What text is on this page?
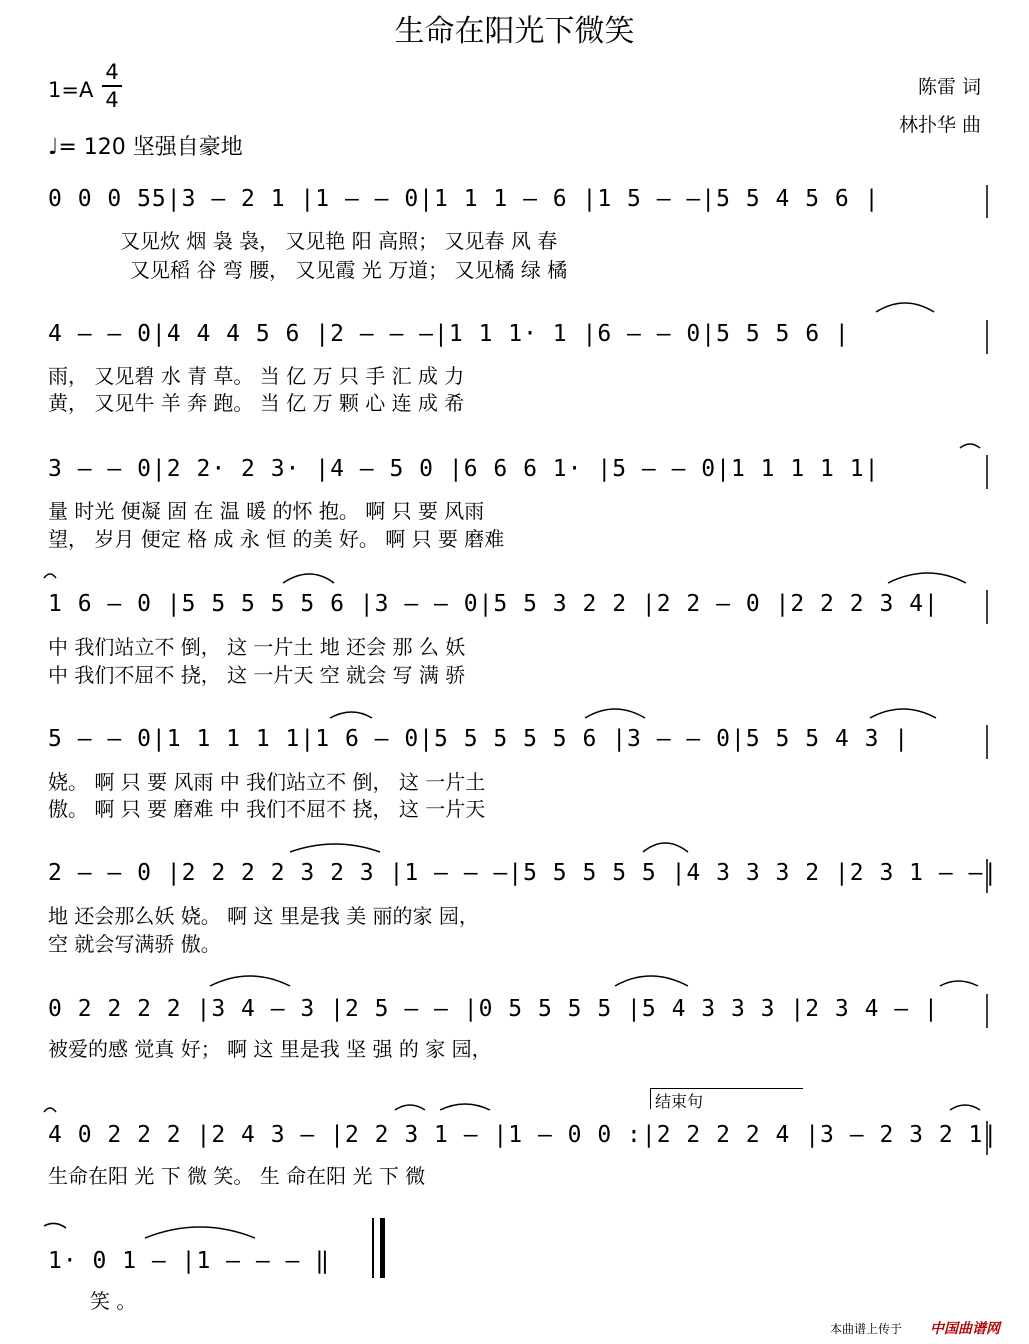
生命在阳光下微笑
1=A
4
4
♩= 120 坚强自豪地
陈雷 词
林扑华 曲
0 0 0 55|3 – 2 1 |1 – – 0|1 1 1 – 6 |1 5 – –|5 5 4 5 6 |
又见炊 烟 袅 袅， 又见艳 阳 高照； 又见春 风 春
又见稻 谷 弯 腰， 又见霞 光 万道； 又见橘 绿 橘
4 – – 0|4 4 4 5 6 |2 – – –|1 1 1· 1 |6 – – 0|5 5 5 6 |
雨， 又见碧 水 青 草。 当 亿 万 只 手 汇 成 力
黄， 又见牛 羊 奔 跑。 当 亿 万 颗 心 连 成 希
3 – – 0|2 2· 2 3· |4 – 5 0 |6 6 6 1· |5 – – 0|1 1 1 1 1|
量 时光 便凝 固 在 温 暖 的怀 抱。 啊 只 要 风雨
望， 岁月 便定 格 成 永 恒 的美 好。 啊 只 要 磨难
1 6 – 0 |5 5 5 5 5 6 |3 – – 0|5 5 3 2 2 |2 2 – 0 |2 2 2 3 4|
中 我们站立不 倒， 这 一片土 地 还会 那 么 妖
中 我们不屈不 挠， 这 一片天 空 就会 写 满 骄
5 – – 0|1 1 1 1 1|1 6 – 0|5 5 5 5 5 6 |3 – – 0|5 5 5 4 3 |
娆。 啊 只 要 风雨 中 我们站立不 倒， 这 一片土
傲。 啊 只 要 磨难 中 我们不屈不 挠， 这 一片天
2 – – 0 |2 2 2 2 3 2 3 |1 – – –|5 5 5 5 5 |4 3 3 3 2 |2 3 1 – –|
地 还会那么妖 娆。 啊 这 里是我 美 丽的家 园，
空 就会写满骄 傲。
0 2 2 2 2 |3 4 – 3 |2 5 – – |0 5 5 5 5 |5 4 3 3 3 |2 3 4 – |
被爱的感 觉真 好； 啊 这 里是我 坚 强 的 家 园，
结束句
4 0 2 2 2 |2 4 3 – |2 2 3 1 – |1 – 0 0 :|2 2 2 2 4 |3 – 2 3 2 1|
生命在阳 光 下 微 笑。 生 命在阳 光 下 微
1· 0 1 – |1 – – – ‖
笑 。
本曲谱上传于 中国曲谱网
